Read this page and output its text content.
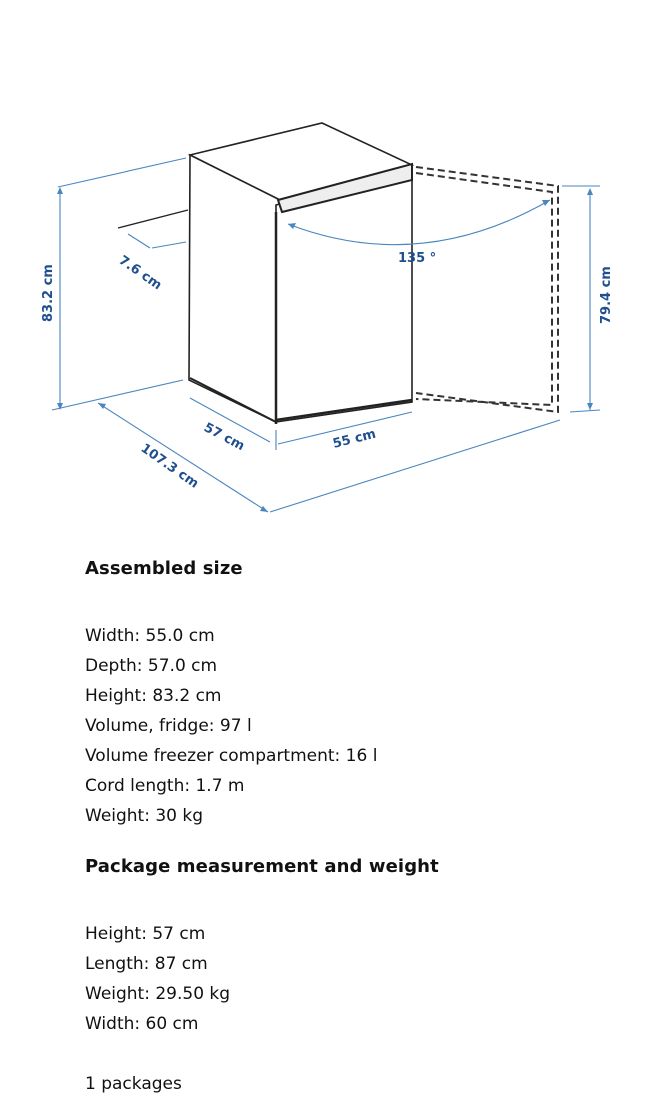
83.2 cm	7.6 cm	135 °
79.4 cm
57 cm	55 cm
107.3 cm
Assembled size
Width: 55.0 cm
Depth: 57.0 cm
Height: 83.2 cm
Volume, fridge: 97 l
Volume freezer compartment: 16 l
Cord length: 1.7 m
Weight: 30 kg
Package measurement and weight
Height: 57 cm
Length: 87 cm
Weight: 29.50 kg
Width: 60 cm
1 packages
